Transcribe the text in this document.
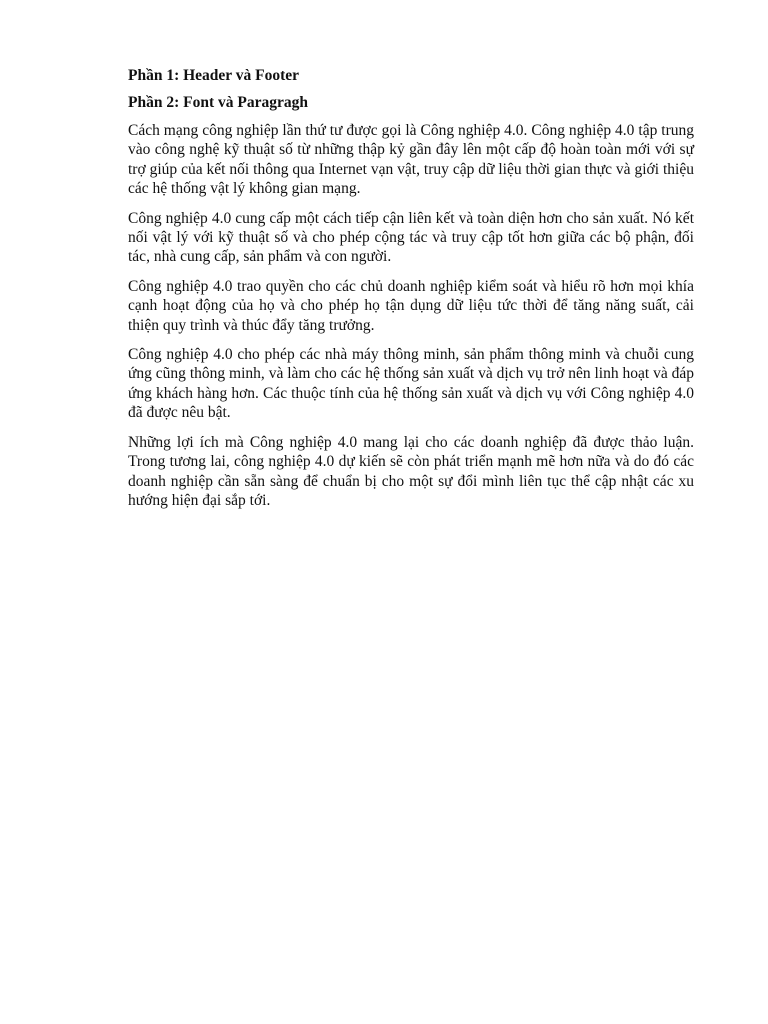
Phần 1: Header và Footer
Phần 2: Font và Paragragh

Cách mạng công nghiệp lần thứ tư được gọi là Công nghiệp 4.0. Công nghiệp 4.0 tập trung vào công nghệ kỹ thuật số từ những thập kỷ gần đây lên một cấp độ hoàn toàn mới với sự trợ giúp của kết nối thông qua Internet vạn vật, truy cập dữ liệu thời gian thực và giới thiệu các hệ thống vật lý không gian mạng.

Công nghiệp 4.0 cung cấp một cách tiếp cận liên kết và toàn diện hơn cho sản xuất. Nó kết nối vật lý với kỹ thuật số và cho phép cộng tác và truy cập tốt hơn giữa các bộ phận, đối tác, nhà cung cấp, sản phẩm và con người.

Công nghiệp 4.0 trao quyền cho các chủ doanh nghiệp kiểm soát và hiểu rõ hơn mọi khía cạnh hoạt động của họ và cho phép họ tận dụng dữ liệu tức thời để tăng năng suất, cải thiện quy trình và thúc đẩy tăng trưởng.

Công nghiệp 4.0 cho phép các nhà máy thông minh, sản phẩm thông minh và chuỗi cung ứng cũng thông minh, và làm cho các hệ thống sản xuất và dịch vụ trở nên linh hoạt và đáp ứng khách hàng hơn. Các thuộc tính của hệ thống sản xuất và dịch vụ với Công nghiệp 4.0 đã được nêu bật.

Những lợi ích mà Công nghiệp 4.0 mang lại cho các doanh nghiệp đã được thảo luận. Trong tương lai, công nghiệp 4.0 dự kiến sẽ còn phát triển mạnh mẽ hơn nữa và do đó các doanh nghiệp cần sẵn sàng để chuẩn bị cho một sự đổi mình liên tục thể cập nhật các xu hướng hiện đại sắp tới.
